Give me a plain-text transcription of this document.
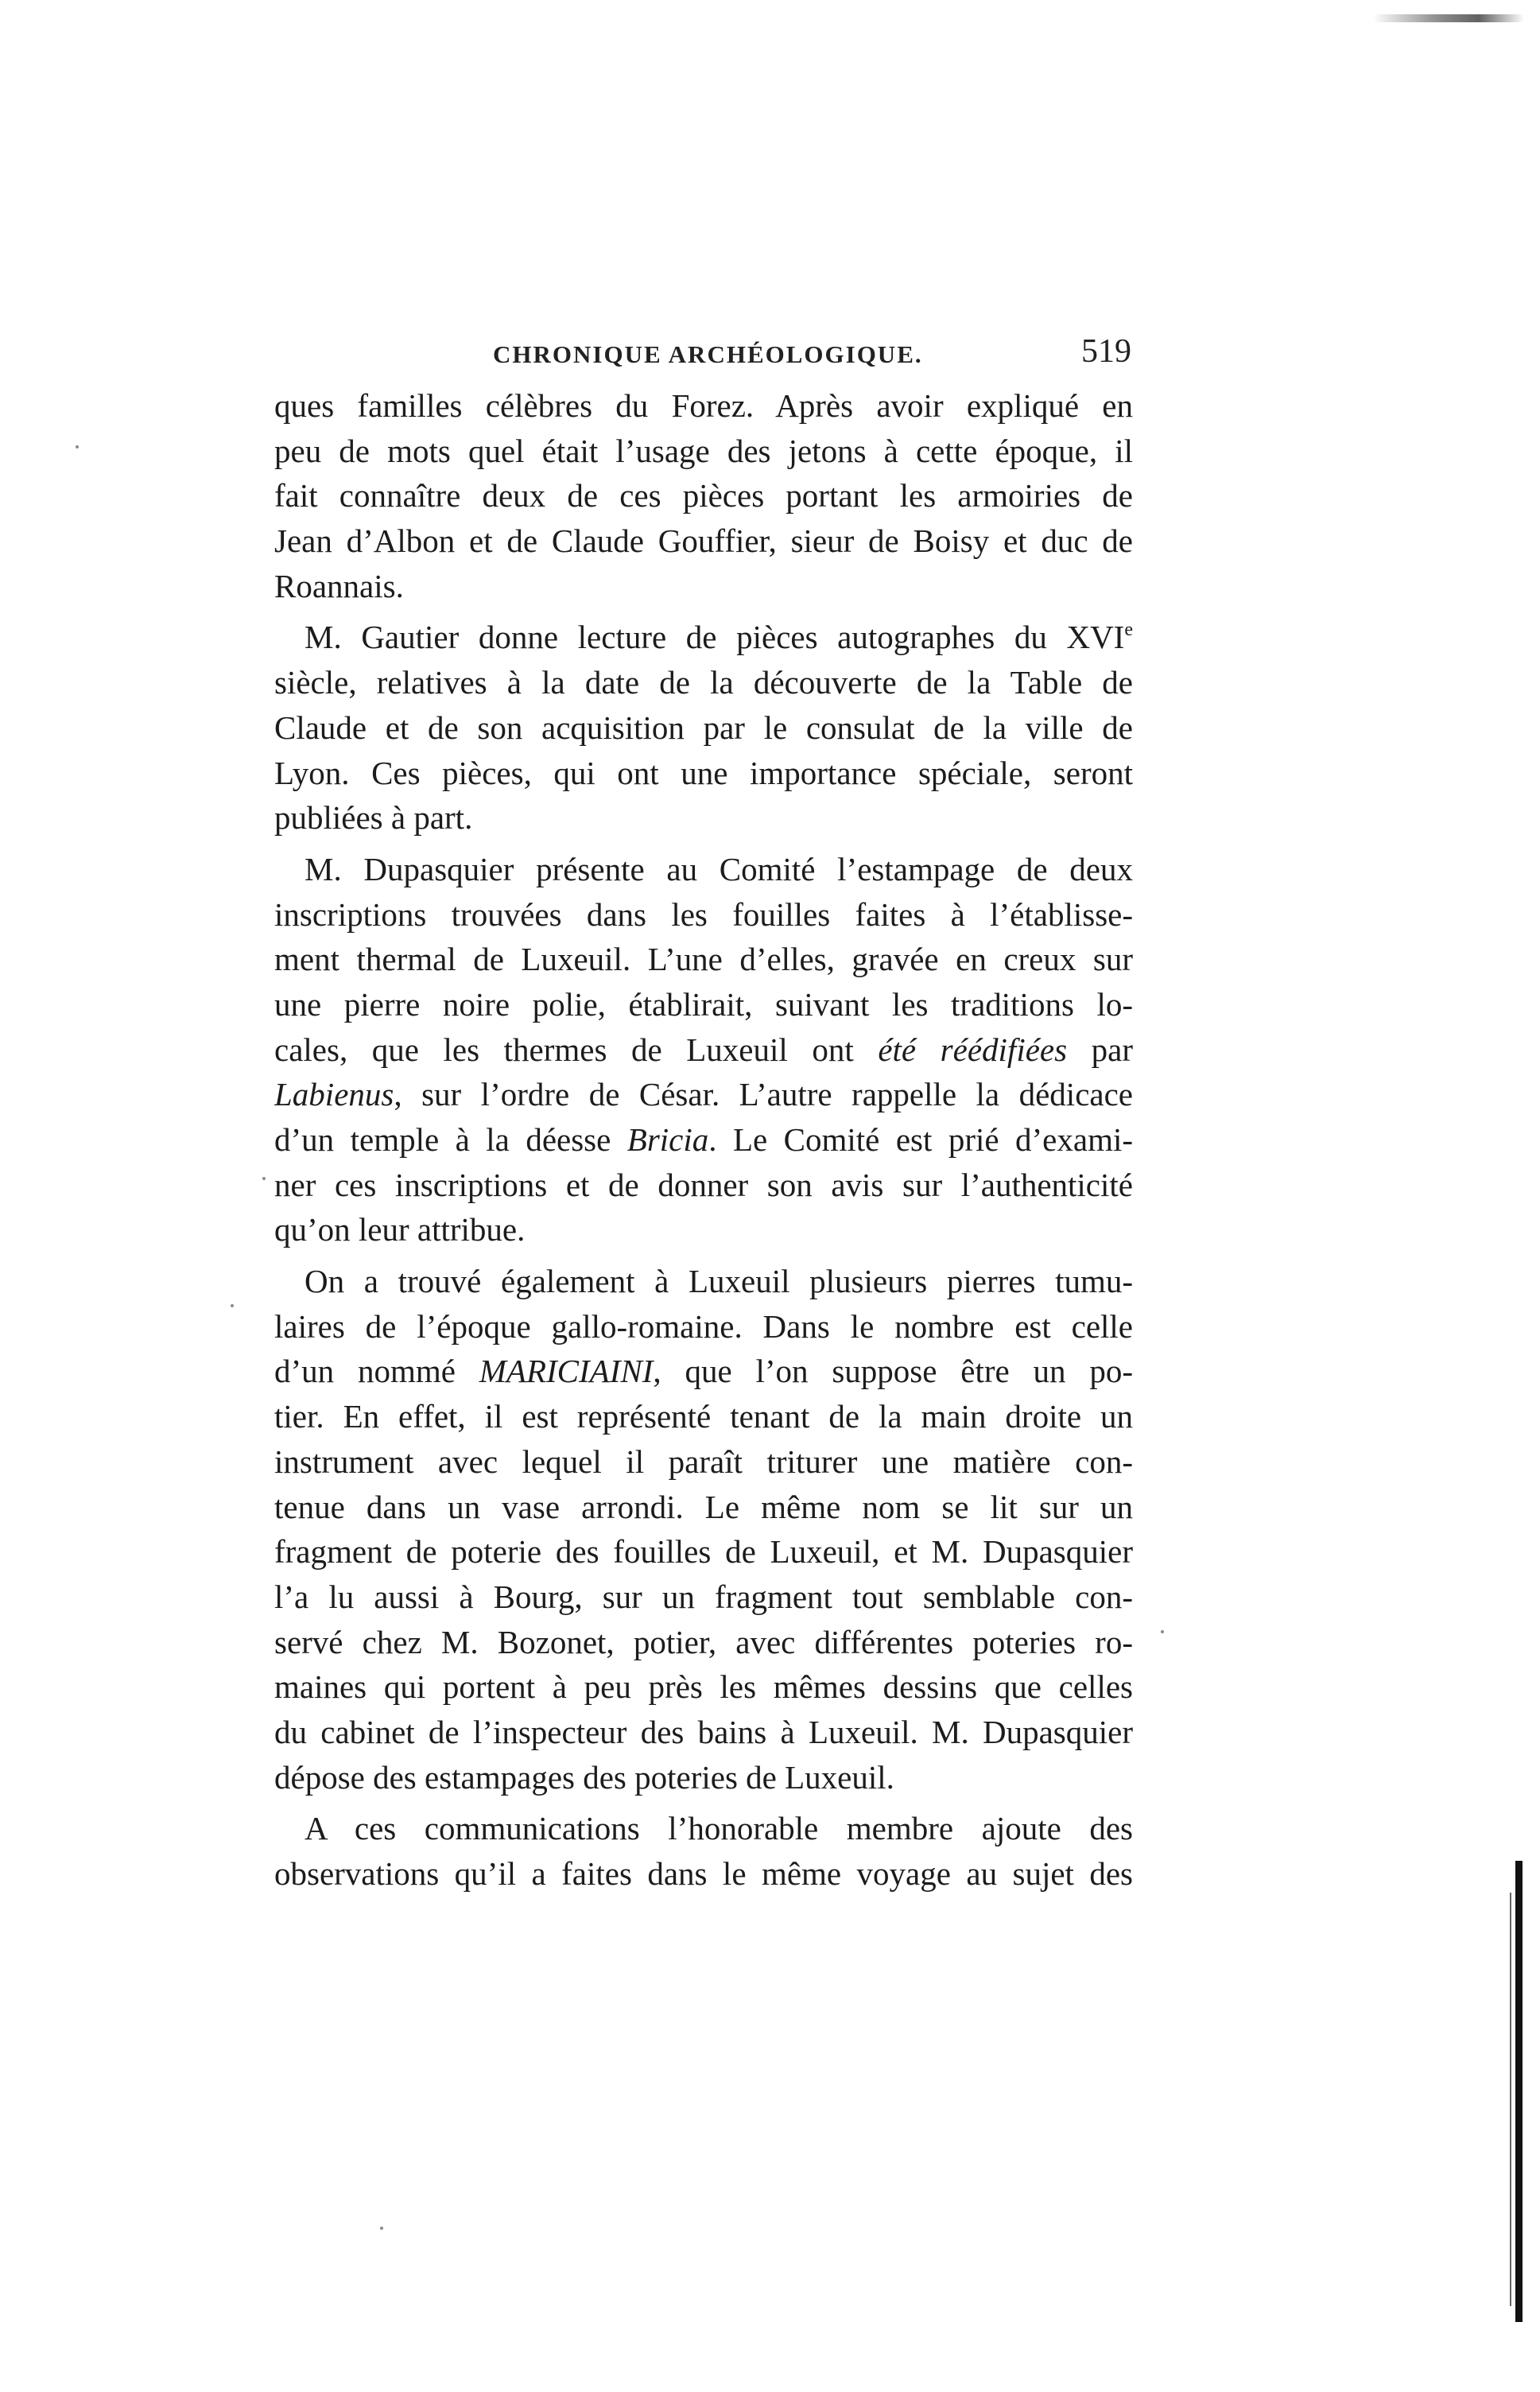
CHRONIQUE ARCHÉOLOGIQUE.	519
ques familles célèbres du Forez. Après avoir expliqué en
peu de mots quel était l’usage des jetons à cette époque, il
fait connaître deux de ces pièces portant les armoiries de
Jean d’Albon et de Claude Gouffier, sieur de Boisy et duc de
Roannais.
M. Gautier donne lecture de pièces autographes du XVIe
siècle, relatives à la date de la découverte de la Table de
Claude et de son acquisition par le consulat de la ville de
Lyon. Ces pièces, qui ont une importance spéciale, seront
publiées à part.
M. Dupasquier présente au Comité l’estampage de deux
inscriptions trouvées dans les fouilles faites à l’établisse-
ment thermal de Luxeuil. L’une d’elles, gravée en creux sur
une pierre noire polie, établirait, suivant les traditions lo-
cales, que les thermes de Luxeuil ont été réédifiées par
Labienus, sur l’ordre de César. L’autre rappelle la dédicace
d’un temple à la déesse Bricia. Le Comité est prié d’exami-
ner ces inscriptions et de donner son avis sur l’authenticité
qu’on leur attribue.
On a trouvé également à Luxeuil plusieurs pierres tumu-
laires de l’époque gallo-romaine. Dans le nombre est celle
d’un nommé MARICIAINI, que l’on suppose être un po-
tier. En effet, il est représenté tenant de la main droite un
instrument avec lequel il paraît triturer une matière con-
tenue dans un vase arrondi. Le même nom se lit sur un
fragment de poterie des fouilles de Luxeuil, et M. Dupasquier
l’a lu aussi à Bourg, sur un fragment tout semblable con-
servé chez M. Bozonet, potier, avec différentes poteries ro-
maines qui portent à peu près les mêmes dessins que celles
du cabinet de l’inspecteur des bains à Luxeuil. M. Dupasquier
dépose des estampages des poteries de Luxeuil.
A ces communications l’honorable membre ajoute des
observations qu’il a faites dans le même voyage au sujet des
